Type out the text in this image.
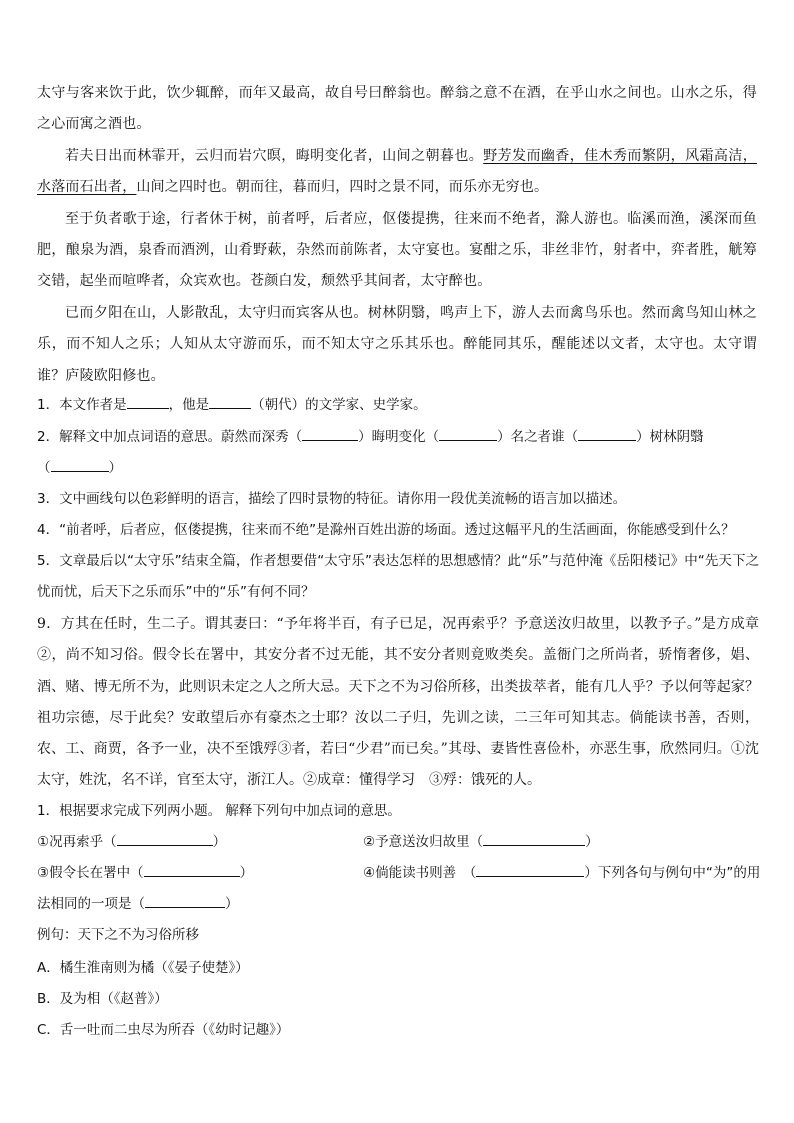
太守与客来饮于此，饮少辄醉，而年又最高，故自号曰醉翁也。醉翁之意不在酒，在乎山水之间也。山水之乐，得之心而寓之酒也。

若夫日出而林霏开，云归而岩穴暝，晦明变化者，山间之朝暮也。野芳发而幽香，佳木秀而繁阴，风霜高洁，水落而石出者，山间之四时也。朝而往，暮而归，四时之景不同，而乐亦无穷也。

至于负者歌于途，行者休于树，前者呼，后者应，伛偻提携，往来而不绝者，滁人游也。临溪而渔，溪深而鱼肥，酿泉为酒，泉香而酒洌，山肴野蔌，杂然而前陈者，太守宴也。宴酣之乐，非丝非竹，射者中，弈者胜，觥筹交错，起坐而喧哗者，众宾欢也。苍颜白发，颓然乎其间者，太守醉也。

已而夕阳在山，人影散乱，太守归而宾客从也。树林阴翳，鸣声上下，游人去而禽鸟乐也。然而禽鸟知山林之乐，而不知人之乐；人知从太守游而乐，而不知太守之乐其乐也。醉能同其乐，醒能述以文者，太守也。太守谓谁？庐陵欧阳修也。

1．本文作者是	，他是	（朝代）的文学家、史学家。
2．解释文中加点词语的意思。蔚然而深秀（	）晦明变化（	）名之者谁（	）树林阴翳
（	）
3．文中画线句以色彩鲜明的语言，描绘了四时景物的特征。请你用一段优美流畅的语言加以描述。
4．“前者呼，后者应，伛偻提携，往来而不绝”是滁州百姓出游的场面。透过这幅平凡的生活画面，你能感受到什么？
5．文章最后以“太守乐”结束全篇，作者想要借“太守乐”表达怎样的思想感情？此“乐”与范仲淹《岳阳楼记》中“先天下之忧而忧，后天下之乐而乐”中的“乐”有何不同？
9．方其在任时，生二子。谓其妻曰：“予年将半百，有子已足，况再索乎？予意送汝归故里，以教予子。”是方成章②，尚不知习俗。假令长在署中，其安分者不过无能，其不安分者则竟败类矣。盖衙门之所尚者，骄惰奢侈，娼、酒、赌、博无所不为，此则识未定之人之所大忌。天下之不为习俗所移，出类拔萃者，能有几人乎？予以何等起家？祖功宗德，尽于此矣？安敢望后亦有豪杰之士耶？汝以二子归，先训之读，二三年可知其志。倘能读书善，否则，农、工、商贾，各予一业，决不至饿殍③者，若曰“少君”而已矣。”其母、妻皆性喜俭朴，亦恶生事，欣然同归。①沈太守，姓沈，名不详，官至太守，浙江人。②成章：懂得学习　③殍：饿死的人。
1．根据要求完成下列两小题。 解释下列句中加点词的意思。
①况再索乎（	）	②予意送汝归故里（	）
③假令长在署中（	）	④倘能读书则善　（	）下列各句与例句中“为”的用
法相同的一项是（	）
例句：天下之不为习俗所移
A．橘生淮南则为橘（《晏子使楚》）
B．及为相（《赵普》）
C．舌一吐而二虫尽为所吞（《幼时记趣》）
